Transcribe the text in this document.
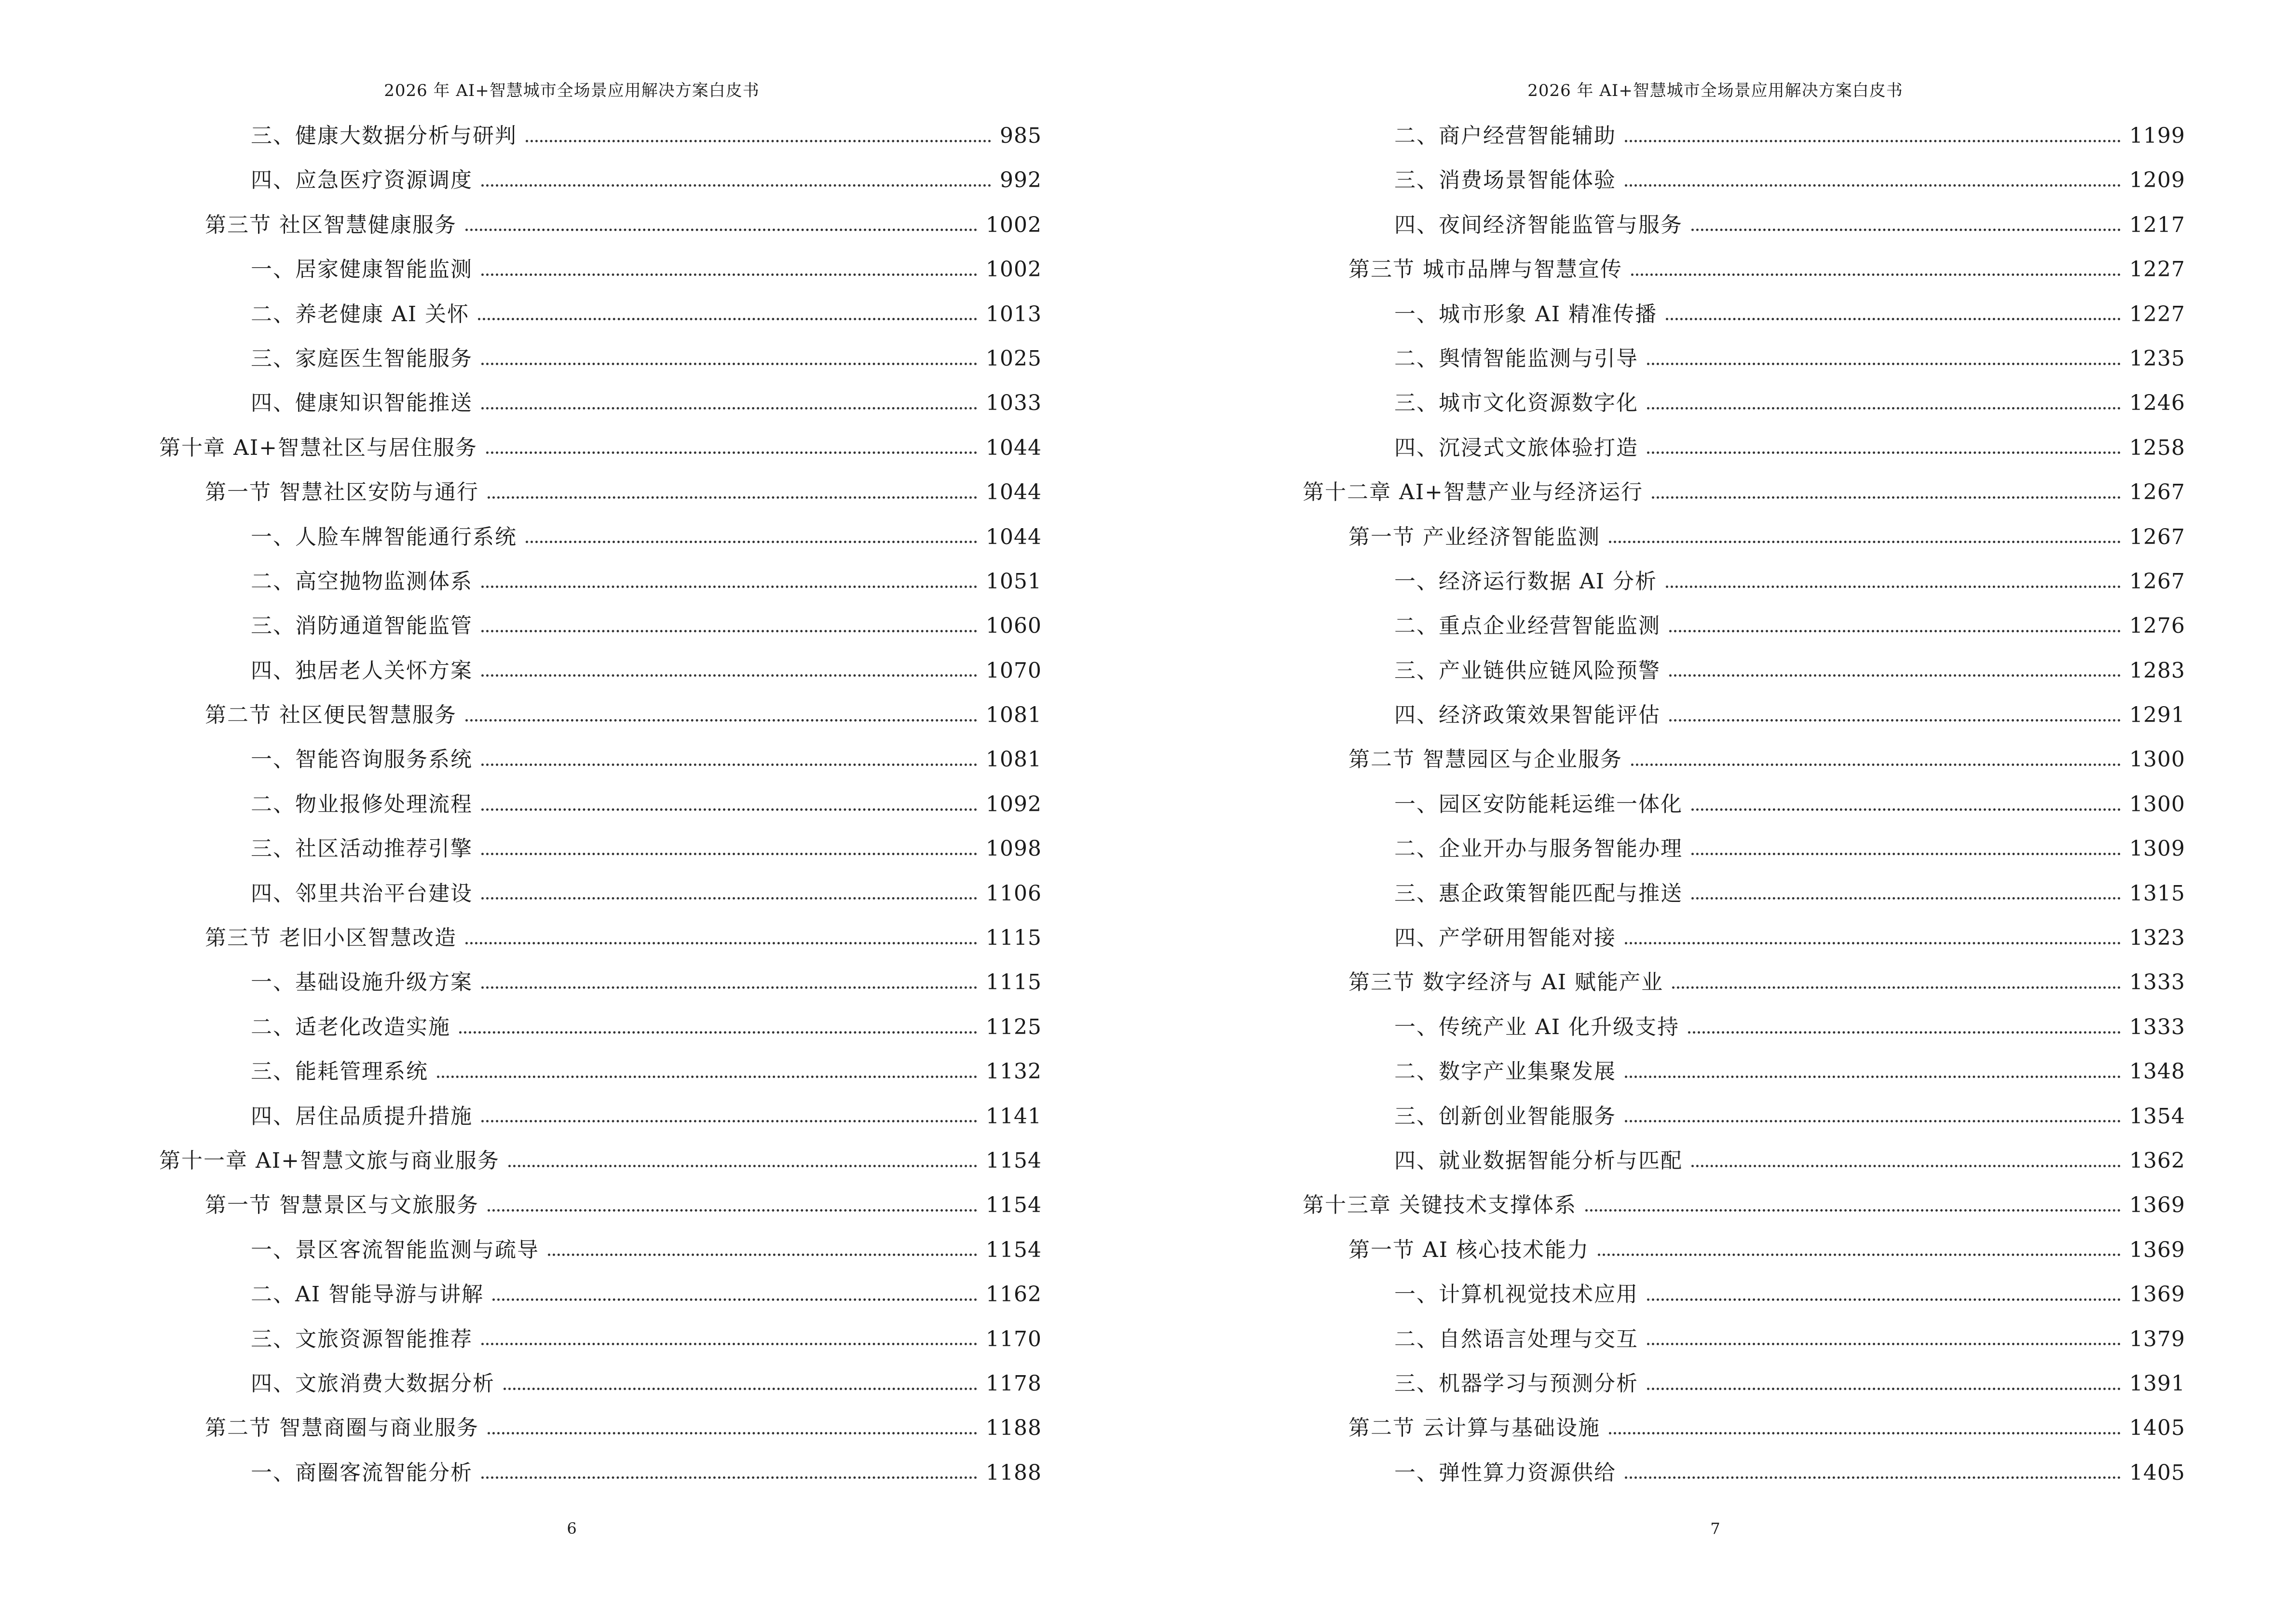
2026 年 AI+智慧城市全场景应用解决方案白皮书
三、健康大数据分析与研判	985
四、应急医疗资源调度	992
第三节 社区智慧健康服务	1002
一、居家健康智能监测	1002
二、养老健康 AI 关怀	1013
三、家庭医生智能服务	1025
四、健康知识智能推送	1033
第十章 AI+智慧社区与居住服务	1044
第一节 智慧社区安防与通行	1044
一、人脸车牌智能通行系统	1044
二、高空抛物监测体系	1051
三、消防通道智能监管	1060
四、独居老人关怀方案	1070
第二节 社区便民智慧服务	1081
一、智能咨询服务系统	1081
二、物业报修处理流程	1092
三、社区活动推荐引擎	1098
四、邻里共治平台建设	1106
第三节 老旧小区智慧改造	1115
一、基础设施升级方案	1115
二、适老化改造实施	1125
三、能耗管理系统	1132
四、居住品质提升措施	1141
第十一章 AI+智慧文旅与商业服务	1154
第一节 智慧景区与文旅服务	1154
一、景区客流智能监测与疏导	1154
二、AI 智能导游与讲解	1162
三、文旅资源智能推荐	1170
四、文旅消费大数据分析	1178
第二节 智慧商圈与商业服务	1188
一、商圈客流智能分析	1188
6
2026 年 AI+智慧城市全场景应用解决方案白皮书
二、商户经营智能辅助	1199
三、消费场景智能体验	1209
四、夜间经济智能监管与服务	1217
第三节 城市品牌与智慧宣传	1227
一、城市形象 AI 精准传播	1227
二、舆情智能监测与引导	1235
三、城市文化资源数字化	1246
四、沉浸式文旅体验打造	1258
第十二章 AI+智慧产业与经济运行	1267
第一节 产业经济智能监测	1267
一、经济运行数据 AI 分析	1267
二、重点企业经营智能监测	1276
三、产业链供应链风险预警	1283
四、经济政策效果智能评估	1291
第二节 智慧园区与企业服务	1300
一、园区安防能耗运维一体化	1300
二、企业开办与服务智能办理	1309
三、惠企政策智能匹配与推送	1315
四、产学研用智能对接	1323
第三节 数字经济与 AI 赋能产业	1333
一、传统产业 AI 化升级支持	1333
二、数字产业集聚发展	1348
三、创新创业智能服务	1354
四、就业数据智能分析与匹配	1362
第十三章 关键技术支撑体系	1369
第一节 AI 核心技术能力	1369
一、计算机视觉技术应用	1369
二、自然语言处理与交互	1379
三、机器学习与预测分析	1391
第二节 云计算与基础设施	1405
一、弹性算力资源供给	1405
7
